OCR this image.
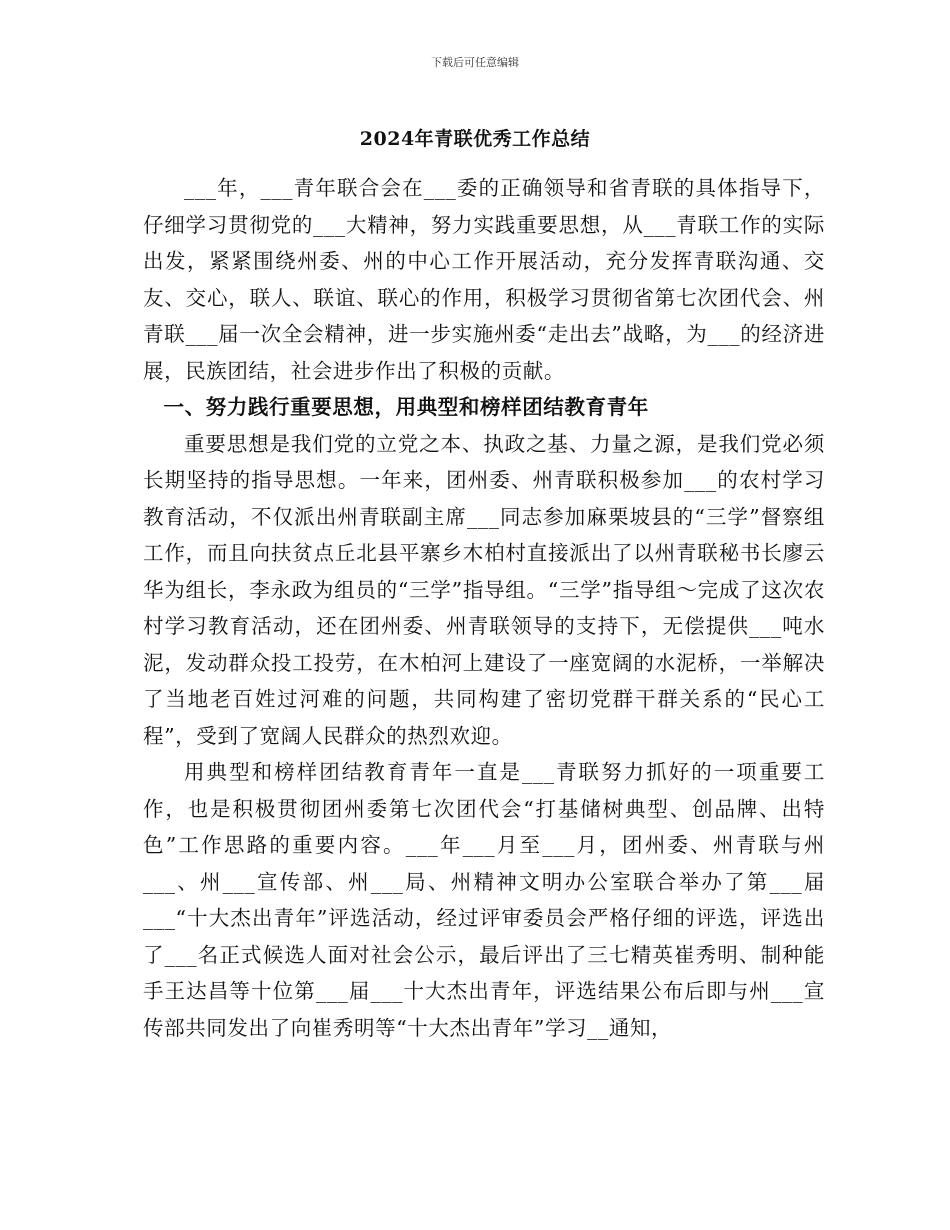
下载后可任意编辑
2024年青联优秀工作总结

___年，___青年联合会在___委的正确领导和省青联的具体指导下，仔细学习贯彻党的___大精神，努力实践重要思想，从___青联工作的实际出发，紧紧围绕州委、州的中心工作开展活动，充分发挥青联沟通、交友、交心，联人、联谊、联心的作用，积极学习贯彻省第七次团代会、州青联___届一次全会精神，进一步实施州委“走出去”战略，为___的经济进展，民族团结，社会进步作出了积极的贡献。

一、努力践行重要思想，用典型和榜样团结教育青年

重要思想是我们党的立党之本、执政之基、力量之源，是我们党必须长期坚持的指导思想。一年来，团州委、州青联积极参加___的农村学习教育活动，不仅派出州青联副主席___同志参加麻栗坡县的“三学”督察组工作，而且向扶贫点丘北县平寨乡木柏村直接派出了以州青联秘书长廖云华为组长，李永政为组员的“三学”指导组。“三学”指导组～完成了这次农村学习教育活动，还在团州委、州青联领导的支持下，无偿提供___吨水泥，发动群众投工投劳，在木柏河上建设了一座宽阔的水泥桥，一举解决了当地老百姓过河难的问题，共同构建了密切党群干群关系的“民心工程”，受到了宽阔人民群众的热烈欢迎。

用典型和榜样团结教育青年一直是___青联努力抓好的一项重要工作，也是积极贯彻团州委第七次团代会“打基储树典型、创品牌、出特色”工作思路的重要内容。___年___月至___月，团州委、州青联与州___、州___宣传部、州___局、州精神文明办公室联合举办了第___届___“十大杰出青年”评选活动，经过评审委员会严格仔细的评选，评选出了___名正式候选人面对社会公示，最后评出了三七精英崔秀明、制种能手王达昌等十位第___届___十大杰出青年，评选结果公布后即与州___宣传部共同发出了向崔秀明等“十大杰出青年”学习__通知，
